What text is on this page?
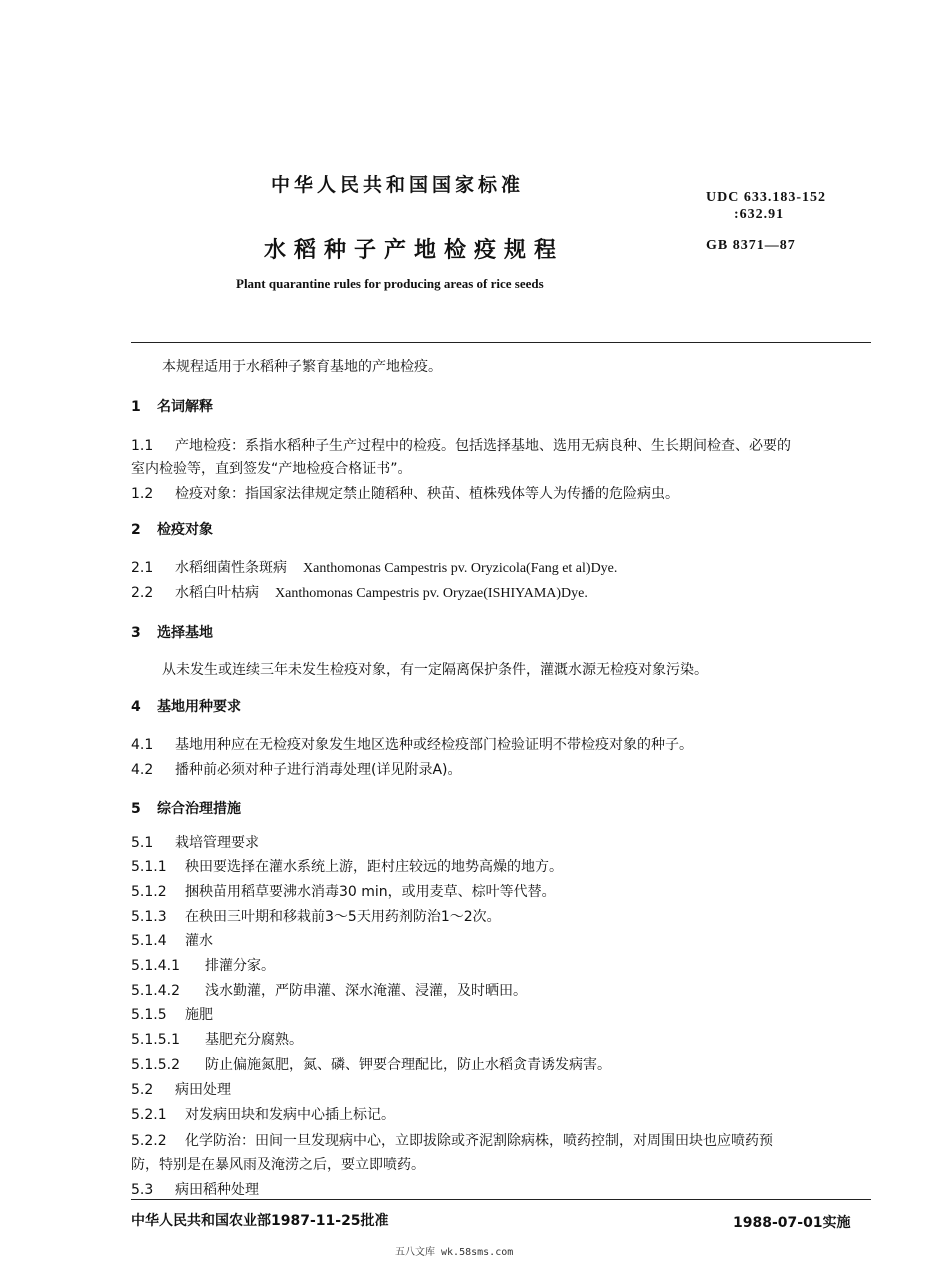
中华人民共和国国家标准
UDC 633.183-152
:632.91
水稻种子产地检疫规程	GB 8371—87
Plant quarantine rules for producing areas of rice seeds
本规程适用于水稻种子繁育基地的产地检疫。
1 名词解释
1.1 产地检疫：系指水稻种子生产过程中的检疫。包括选择基地、选用无病良种、生长期间检查、必要的
室内检验等，直到签发“产地检疫合格证书”。
1.2 检疫对象：指国家法律规定禁止随稻种、秧苗、植株残体等人为传播的危险病虫。
2 检疫对象
2.1 水稻细菌性条斑病 Xanthomonas Campestris pv. Oryzicola(Fang et al)Dye.
2.2 水稻白叶枯病 Xanthomonas Campestris pv. Oryzae(ISHIYAMA)Dye.
3 选择基地
从未发生或连续三年未发生检疫对象，有一定隔离保护条件，灌溉水源无检疫对象污染。
4 基地用种要求
4.1 基地用种应在无检疫对象发生地区选种或经检疫部门检验证明不带检疫对象的种子。
4.2 播种前必须对种子进行消毒处理(详见附录A)。
5 综合治理措施
5.1 栽培管理要求
5.1.1 秧田要选择在灌水系统上游，距村庄较远的地势高燥的地方。
5.1.2 捆秧苗用稻草要沸水消毒30 min，或用麦草、棕叶等代替。
5.1.3 在秧田三叶期和移栽前3～5天用药剂防治1～2次。
5.1.4 灌水
5.1.4.1 排灌分家。
5.1.4.2 浅水勤灌，严防串灌、深水淹灌、浸灌，及时晒田。
5.1.5 施肥
5.1.5.1 基肥充分腐熟。
5.1.5.2 防止偏施氮肥，氮、磷、钾要合理配比，防止水稻贪青诱发病害。
5.2 病田处理
5.2.1 对发病田块和发病中心插上标记。
5.2.2 化学防治：田间一旦发现病中心，立即拔除或齐泥割除病株，喷药控制，对周围田块也应喷药预
防，特别是在暴风雨及淹涝之后，要立即喷药。
5.3 病田稻种处理
中华人民共和国农业部1987-11-25批准	1988-07-01实施
五八文库 wk.58sms.com
